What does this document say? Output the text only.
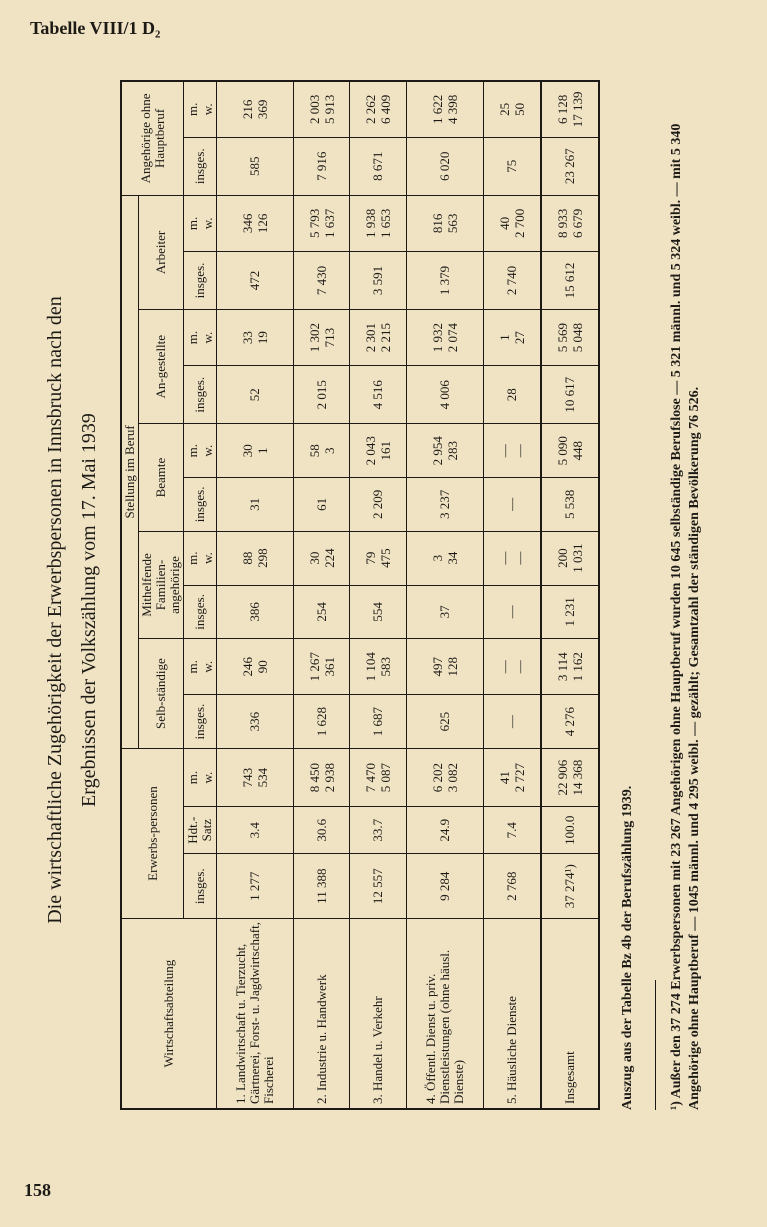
Tabelle VIII/1 D₂
158
Die wirtschaftliche Zugehörigkeit der Erwerbspersonen in Innsbruck nach den Ergebnissen der Volkszählung vom 17. Mai 1939
Wirtschaftsabteilung	Erwerbs-personen			Stellung im Beruf										Angehörige ohne Hauptberuf	
				Selb-ständige		Mithelfende Familien-angehörige		Beamte		An-gestellte		Arbeiter			
	insges.	Hdt.-Satz	m. w.	insges.	m. w.	insges.	m. w.	insges.	m. w.	insges.	m. w.	insges.	m. w.	insges.	m. w.

1. Landwirtschaft u. Tierzucht, Gärtnerei, Forst- u. Jagdwirtschaft, Fischerei	1 277	3.4	743 534	336	246 90	386	88 298	31	30 1	52	33 19	472	346 126	585	216 369

2. Industrie u. Handwerk	11 388	30.6	8 450 2 938	1 628	1 267 361	254	30 224	61	58 3	2 015	1 302 713	7 430	5 793 1 637	7 916	2 003 5 913

3. Handel u. Verkehr	12 557	33.7	7 470 5 087	1 687	1 104 583	554	79 475	2 209	2 043 161	4 516	2 301 2 215	3 591	1 938 1 653	8 671	2 262 6 409

4. Öffentl. Dienst u. priv. Dienstleistungen (ohne häusl. Dienste)	9 284	24.9	6 202 3 082	625	497 128	37	3 34	3 237	2 954 283	4 006	1 932 2 074	1 379	816 563	6 020	1 622 4 398

5. Häusliche Dienste	2 768	7.4	41 2 727	—	— —	—	— —	—	— —	28	1 27	2 740	40 2 700	75	25 50

Insgesamt	37 274¹)	100.0	22 906 14 368	4 276	3 114 1 162	1 231	200 1 031	5 538	5 090 448	10 617	5 569 5 048	15 612	8 933 6 679	23 267	6 128 17 139
Auszug aus der Tabelle Bz 4b der Berufszählung 1939. ¹) Außer den 37 274 Erwerbspersonen mit 23 267 Angehörigen ohne Hauptberuf wurden 10 645 selbständige Berufslose — 5 321 männl. und 5 324 weibl. — mit 5 340 Angehörige ohne Hauptberuf — 1045 männl. und 4 295 weibl. — gezählt; Gesamtzahl der ständigen Bevölkerung 76 526.
